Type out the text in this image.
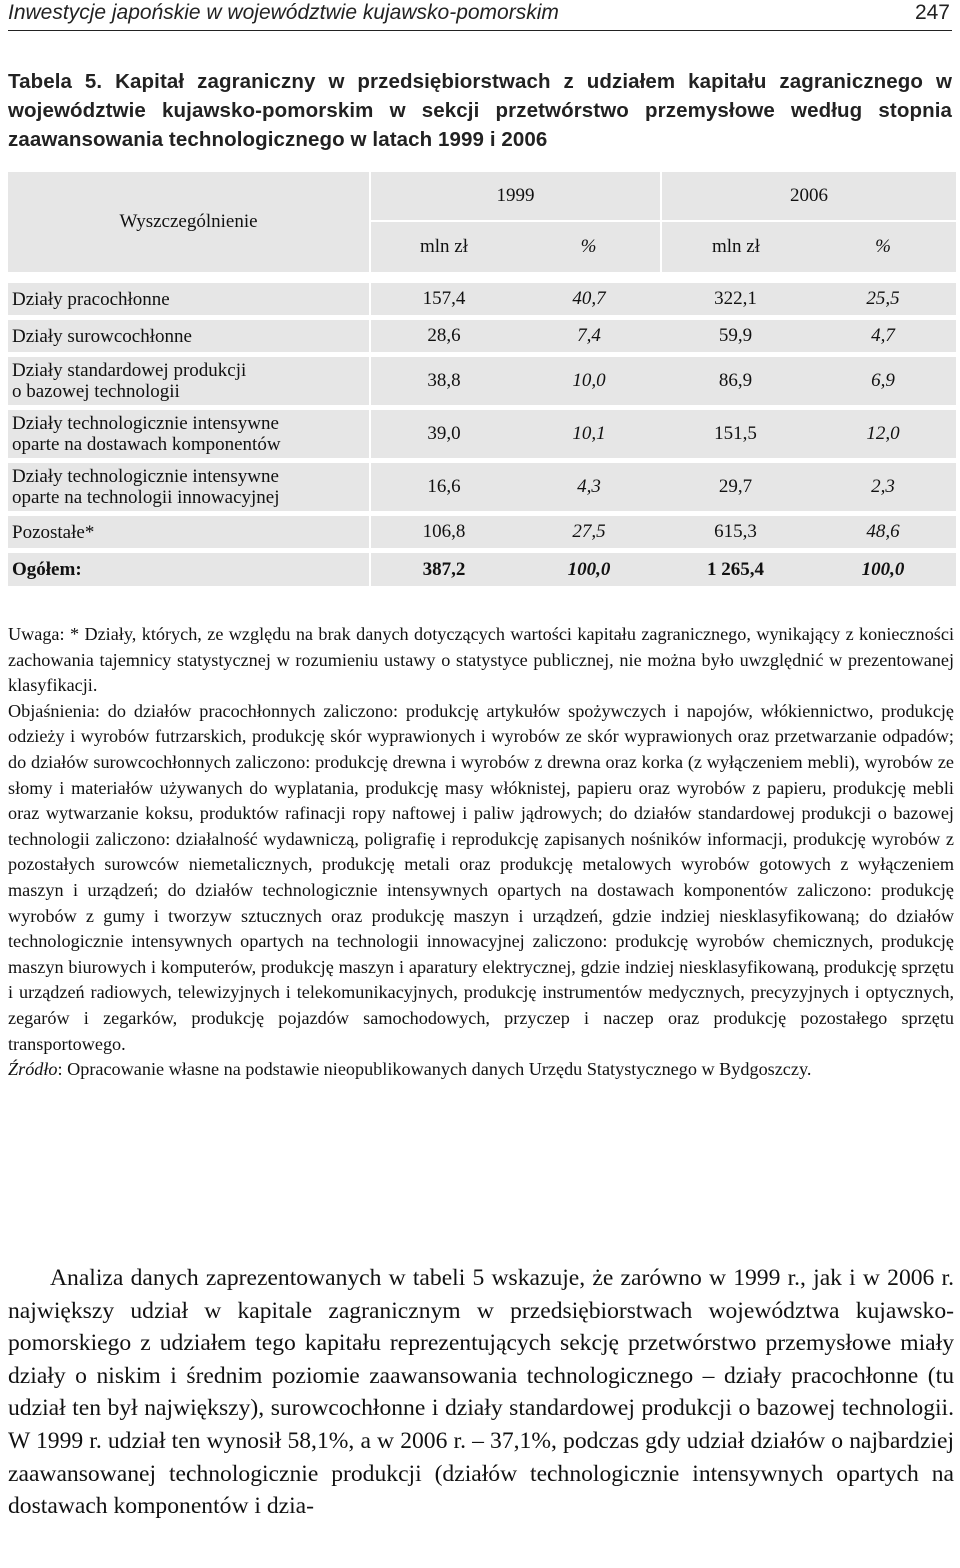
Inwestycje japońskie w województwie kujawsko-pomorskim	247
Tabela 5. Kapitał zagraniczny w przedsiębiorstwach z udziałem kapitału zagranicznego w województwie kujawsko-pomorskim w sekcji przetwórstwo przemysłowe według stopnia zaawansowania technologicznego w latach 1999 i 2006
Wyszczególnienie	1999		2006	
	mln zł	%	mln zł	%

Działy pracochłonne	157,4	40,7	322,1	25,5
Działy surowcochłonne	28,6	7,4	59,9	4,7
Działy standardowej produkcji
o bazowej technologii	38,8	10,0	86,9	6,9
Działy technologicznie intensywne
oparte na dostawach komponentów	39,0	10,1	151,5	12,0
Działy technologicznie intensywne
oparte na technologii innowacyjnej	16,6	4,3	29,7	2,3
Pozostałe*	106,8	27,5	615,3	48,6
Ogółem:	387,2	100,0	1 265,4	100,0

Uwaga: * Działy, których, ze względu na brak danych dotyczących wartości kapitału zagranicznego, wynikający z konieczności zachowania tajemnicy statystycznej w rozumieniu ustawy o statystyce publicznej, nie można było uwzględnić w prezentowanej klasyfikacji.

Objaśnienia: do działów pracochłonnych zaliczono: produkcję artykułów spożywczych i napojów, włókiennictwo, produkcję odzieży i wyrobów futrzarskich, produkcję skór wyprawionych i wyrobów ze skór wyprawionych oraz przetwarzanie odpadów; do działów surowcochłonnych zaliczono: produkcję drewna i wyrobów z drewna oraz korka (z wyłączeniem mebli), wyrobów ze słomy i materiałów używanych do wyplatania, produkcję masy włóknistej, papieru oraz wyrobów z papieru, produkcję mebli oraz wytwarzanie koksu, produktów rafinacji ropy naftowej i paliw jądrowych; do działów standardowej produkcji o bazowej technologii zaliczono: działalność wydawniczą, poligrafię i reprodukcję zapisanych nośników informacji, produkcję wyrobów z pozostałych surowców niemetalicznych, produkcję metali oraz produkcję metalowych wyrobów gotowych z wyłączeniem maszyn i urządzeń; do działów technologicznie intensywnych opartych na dostawach komponentów zaliczono: produkcję wyrobów z gumy i tworzyw sztucznych oraz produkcję maszyn i urządzeń, gdzie indziej niesklasyfikowaną; do działów technologicznie intensywnych opartych na technologii innowacyjnej zaliczono: produkcję wyrobów chemicznych, produkcję maszyn biurowych i komputerów, produkcję maszyn i aparatury elektrycznej, gdzie indziej niesklasyfikowaną, produkcję sprzętu i urządzeń radiowych, telewizyjnych i telekomunikacyjnych, produkcję instrumentów medycznych, precyzyjnych i optycznych, zegarów i zegarków, produkcję pojazdów samochodowych, przyczep i naczep oraz produkcję pozostałego sprzętu transportowego.

Źródło: Opracowanie własne na podstawie nieopublikowanych danych Urzędu Statystycznego w Bydgoszczy.

Analiza danych zaprezentowanych w tabeli 5 wskazuje, że zarówno w 1999 r., jak i w 2006 r. największy udział w kapitale zagranicznym w przedsiębiorstwach województwa kujawsko-pomorskiego z udziałem tego kapitału reprezentujących sekcję przetwórstwo przemysłowe miały działy o niskim i średnim poziomie zaawansowania technologicznego – działy pracochłonne (tu udział ten był największy), surowcochłonne i działy standardowej produkcji o bazowej technologii. W 1999 r. udział ten wynosił 58,1%, a w 2006 r. – 37,1%, podczas gdy udział działów o najbardziej zaawansowanej technologicznie produkcji (działów technologicznie intensywnych opartych na dostawach komponentów i dzia-
